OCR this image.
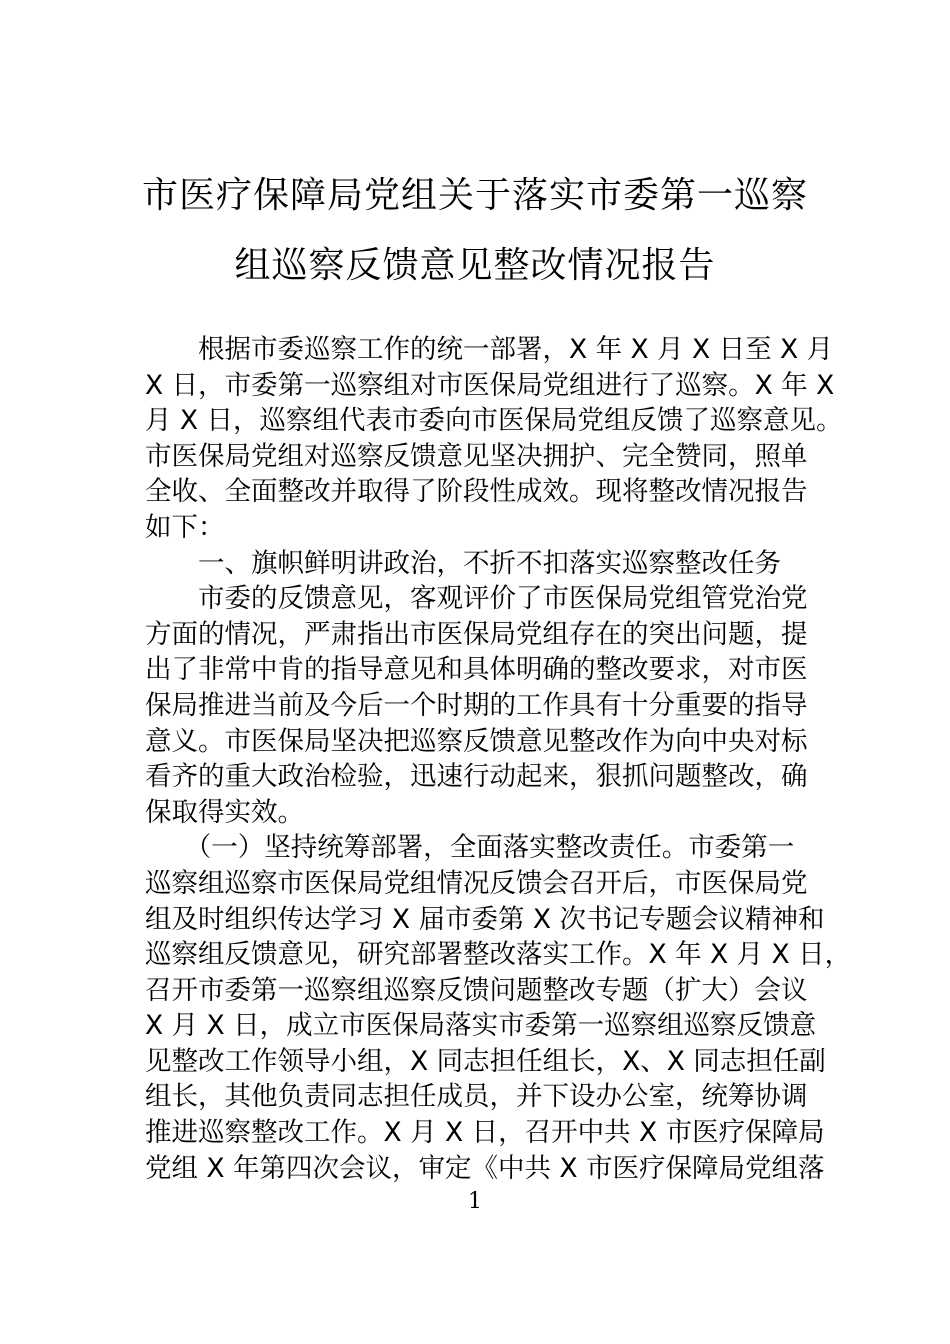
市医疗保障局党组关于落实市委第一巡察
组巡察反馈意见整改情况报告
　　根据市委巡察工作的统一部署，X 年 X 月 X 日至 X 月
X 日，市委第一巡察组对市医保局党组进行了巡察。X 年 X
月 X 日，巡察组代表市委向市医保局党组反馈了巡察意见。
市医保局党组对巡察反馈意见坚决拥护、完全赞同，照单
全收、全面整改并取得了阶段性成效。现将整改情况报告
如下：
　　一、旗帜鲜明讲政治，不折不扣落实巡察整改任务
　　市委的反馈意见，客观评价了市医保局党组管党治党
方面的情况，严肃指出市医保局党组存在的突出问题，提
出了非常中肯的指导意见和具体明确的整改要求，对市医
保局推进当前及今后一个时期的工作具有十分重要的指导
意义。市医保局坚决把巡察反馈意见整改作为向中央对标
看齐的重大政治检验，迅速行动起来，狠抓问题整改，确
保取得实效。
　　（一）坚持统筹部署，全面落实整改责任。市委第一
巡察组巡察市医保局党组情况反馈会召开后，市医保局党
组及时组织传达学习 X 届市委第 X 次书记专题会议精神和
巡察组反馈意见，研究部署整改落实工作。X 年 X 月 X 日，
召开市委第一巡察组巡察反馈问题整改专题（扩大）会议
X 月 X 日，成立市医保局落实市委第一巡察组巡察反馈意
见整改工作领导小组，X 同志担任组长，X、X 同志担任副
组长，其他负责同志担任成员，并下设办公室，统筹协调
推进巡察整改工作。X 月 X 日，召开中共 X 市医疗保障局
党组 X 年第四次会议，审定《中共 X 市医疗保障局党组落
1
